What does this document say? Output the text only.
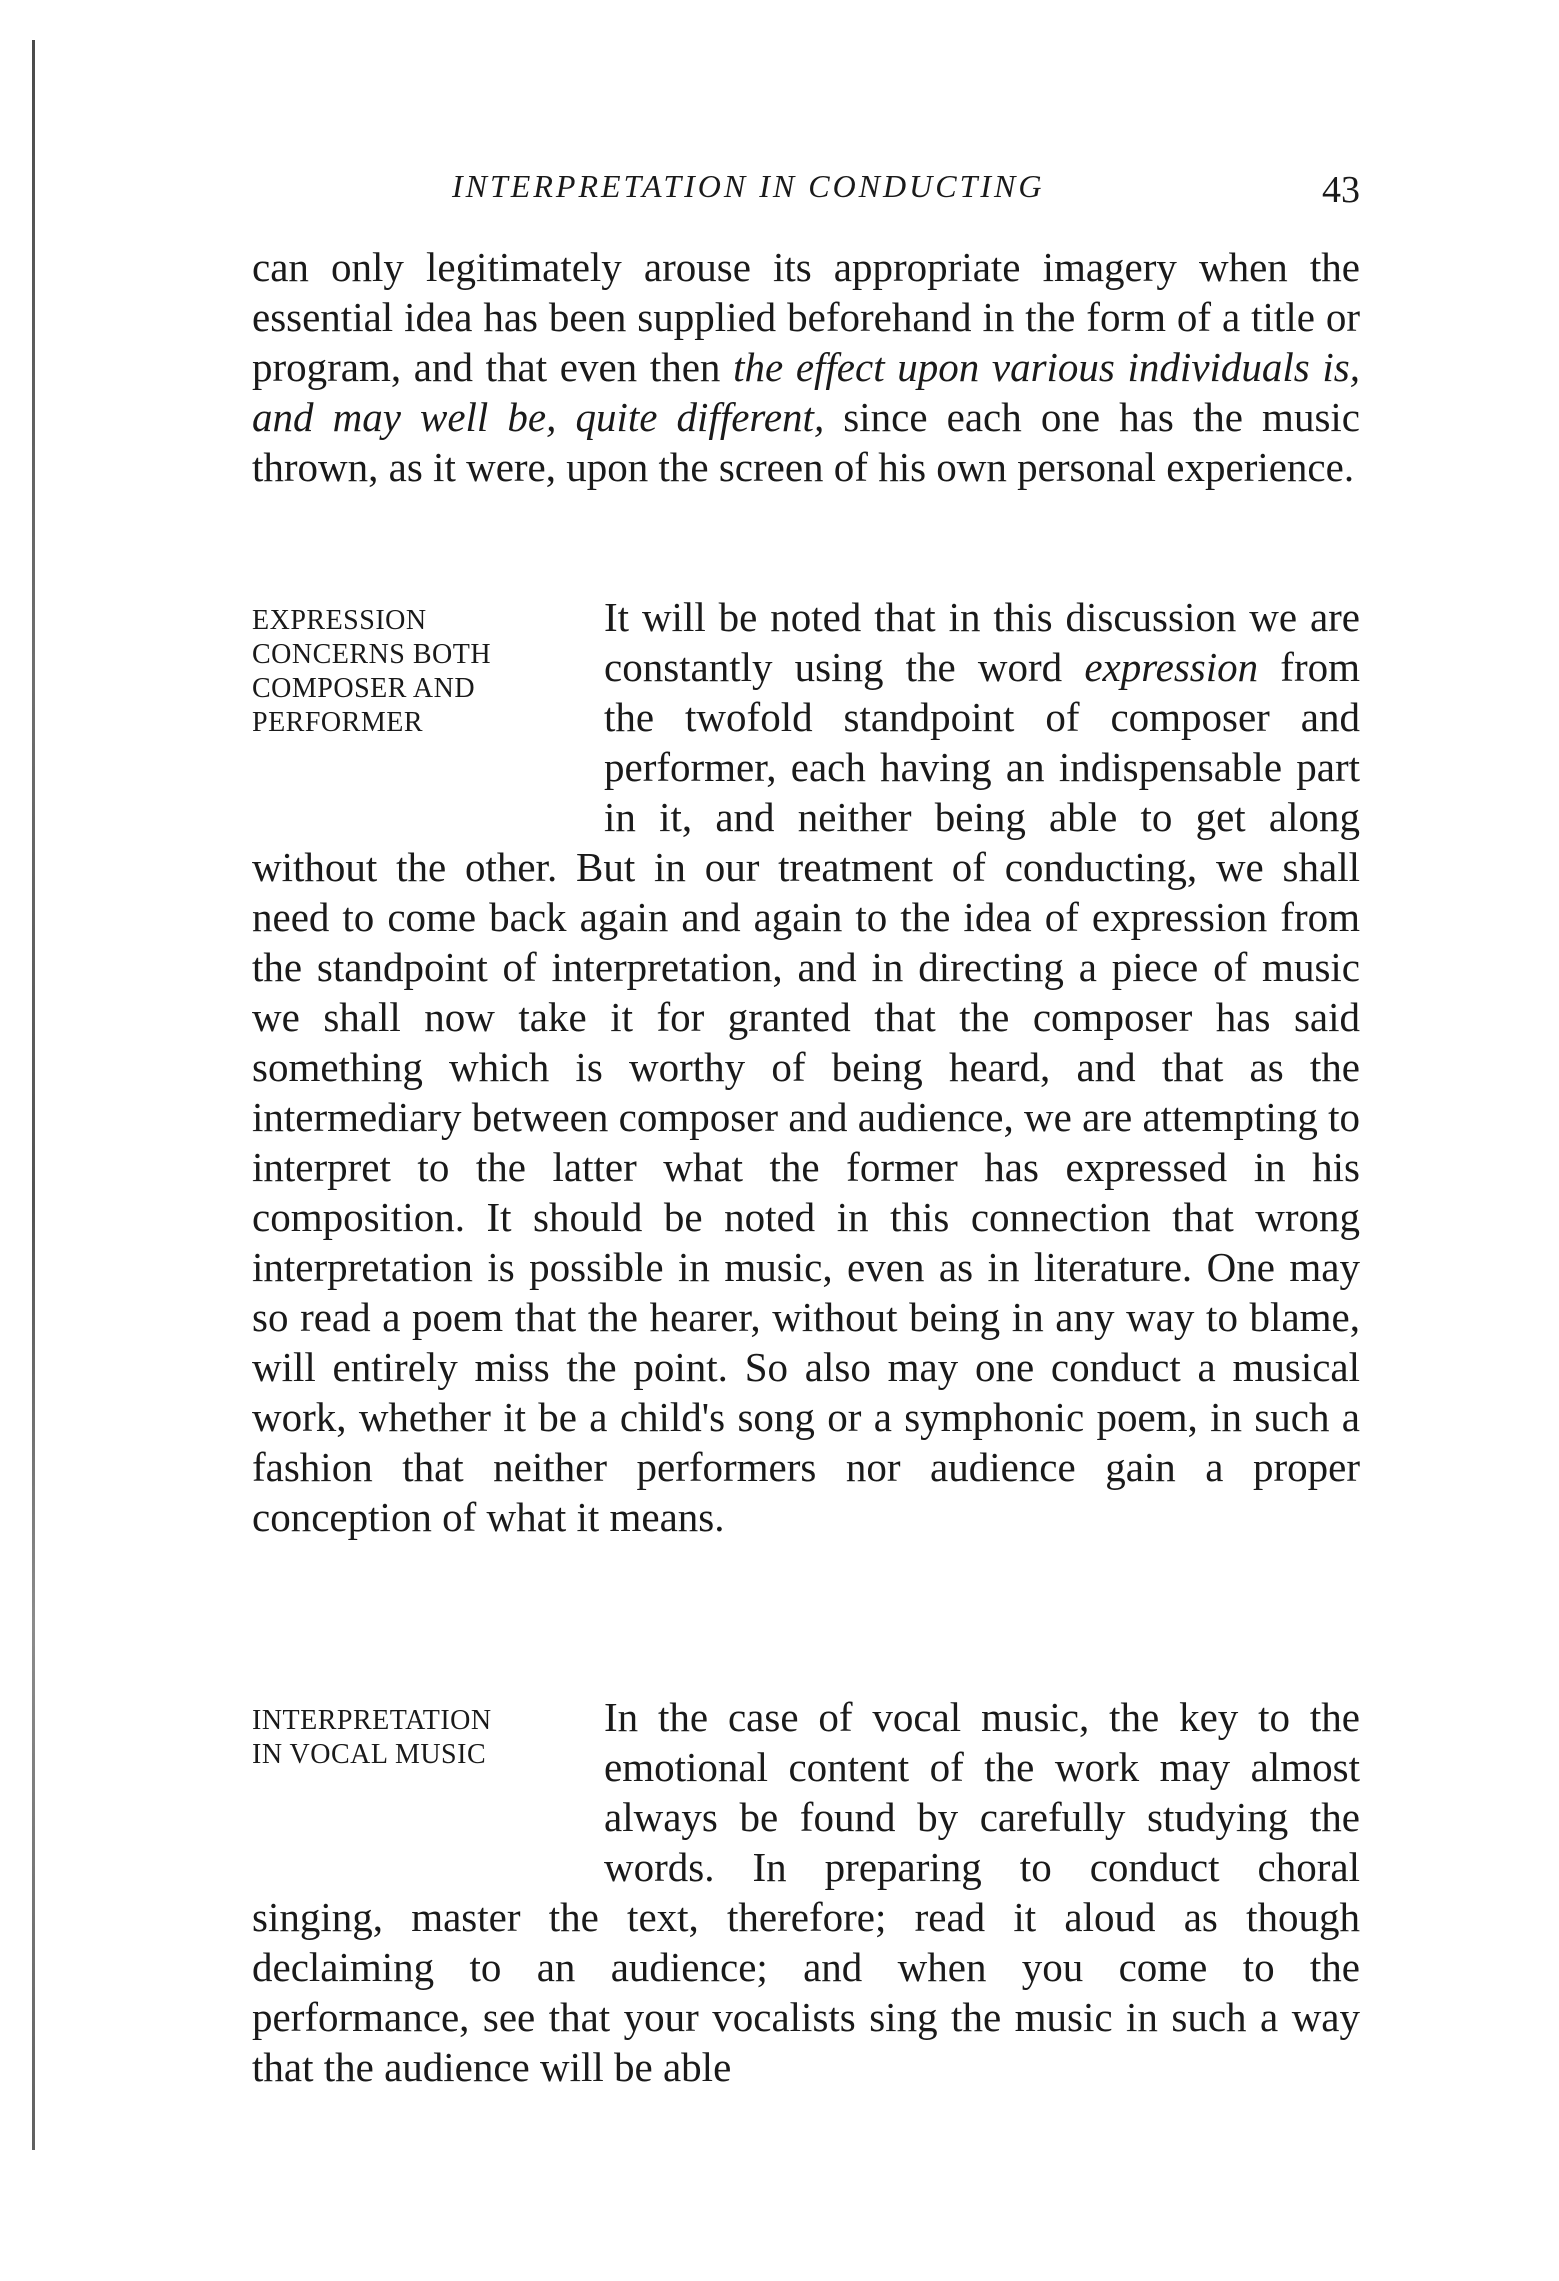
INTERPRETATION IN CONDUCTING	43

can only legitimately arouse its appropriate imagery when the essential idea has been supplied beforehand in the form of a title or program, and that even then the effect upon various individuals is, and may well be, quite different, since each one has the music thrown, as it were, upon the screen of his own personal experience.

EXPRESSION
CONCERNS BOTH
COMPOSER AND
PERFORMER

It will be noted that in this discussion we are constantly using the word expression from the twofold standpoint of composer and performer, each having an indispensable part in it, and neither being able to get along without the other. But in our treatment of conducting, we shall need to come back again and again to the idea of expression from the standpoint of interpretation, and in directing a piece of music we shall now take it for granted that the composer has said something which is worthy of being heard, and that as the intermediary between composer and audience, we are attempting to interpret to the latter what the former has expressed in his composition. It should be noted in this connection that wrong interpretation is possible in music, even as in literature. One may so read a poem that the hearer, without being in any way to blame, will entirely miss the point. So also may one conduct a musical work, whether it be a child's song or a symphonic poem, in such a fashion that neither performers nor audience gain a proper conception of what it means.

INTERPRETATION
IN VOCAL MUSIC

In the case of vocal music, the key to the emotional content of the work may almost always be found by carefully studying the words. In preparing to conduct choral singing, master the text, therefore; read it aloud as though declaiming to an audience; and when you come to the performance, see that your vocalists sing the music in such a way that the audience will be able
